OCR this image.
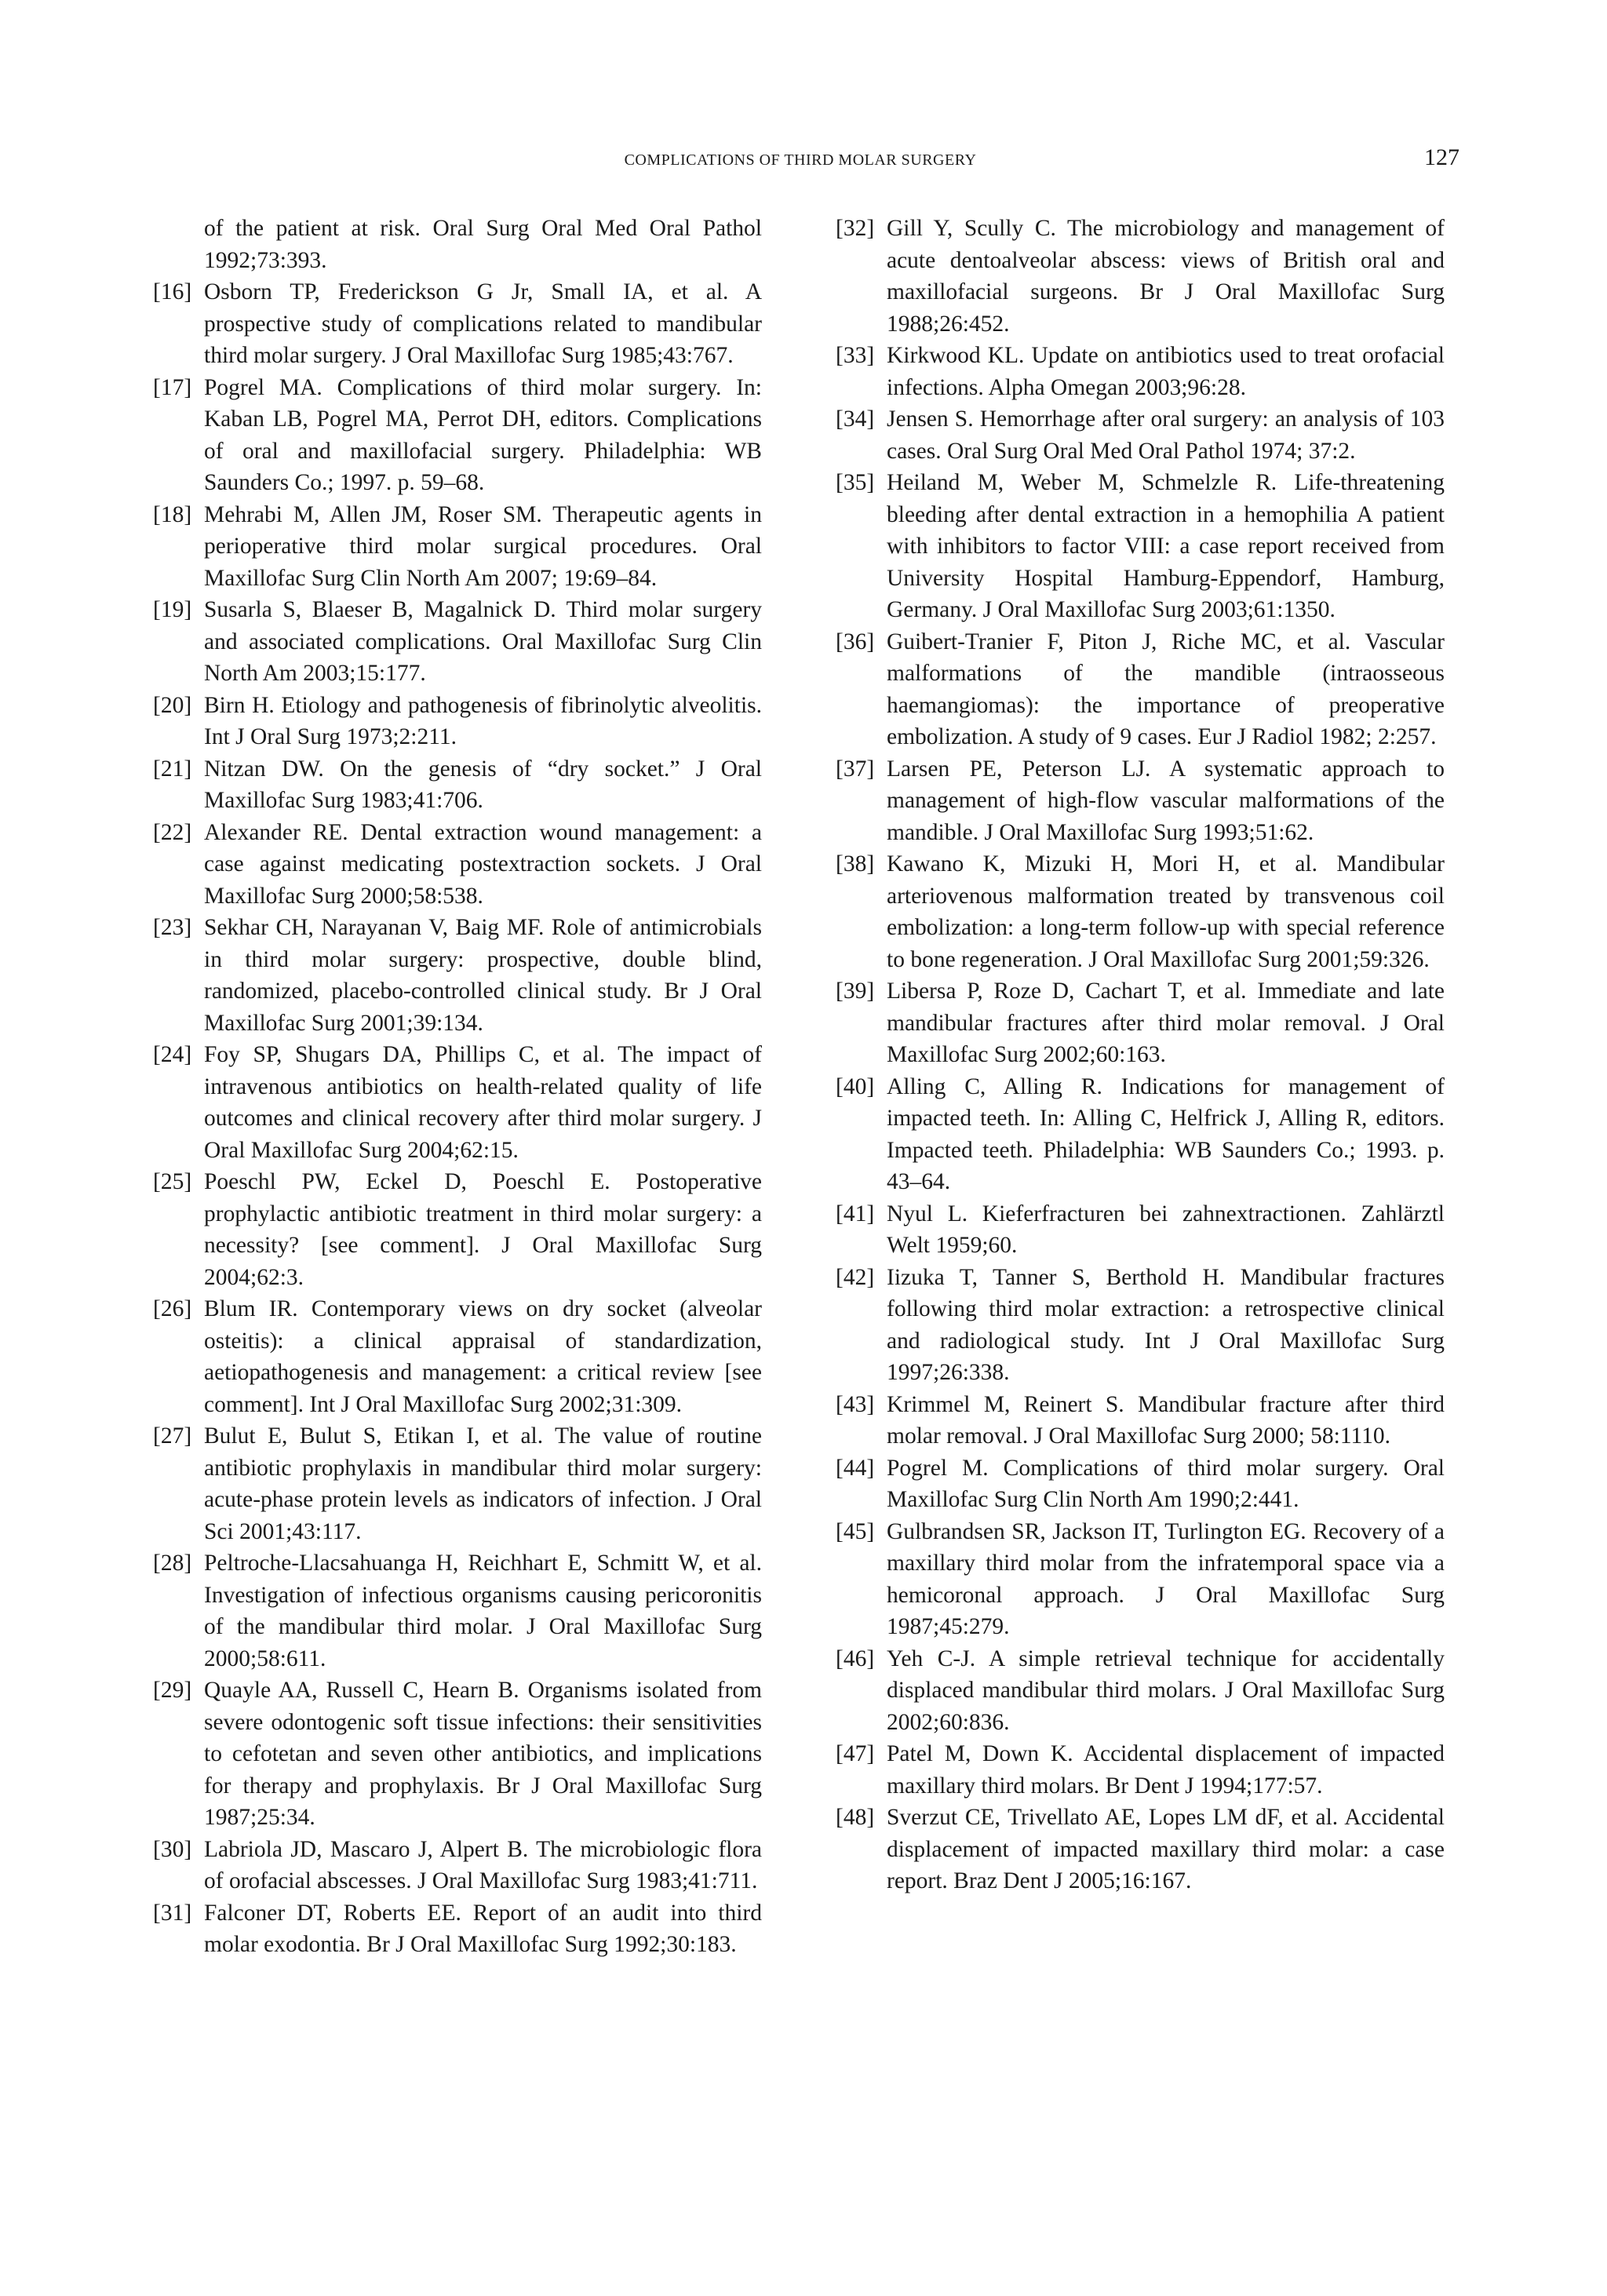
COMPLICATIONS OF THIRD MOLAR SURGERY	127

of the patient at risk. Oral Surg Oral Med Oral Pathol 1992;73:393.

[16] Osborn TP, Frederickson G Jr, Small IA, et al. A prospective study of complications related to mandibular third molar surgery. J Oral Maxillofac Surg 1985;43:767.

[17] Pogrel MA. Complications of third molar surgery. In: Kaban LB, Pogrel MA, Perrot DH, editors. Complications of oral and maxillofacial surgery. Philadelphia: WB Saunders Co.; 1997. p. 59–68.

[18] Mehrabi M, Allen JM, Roser SM. Therapeutic agents in perioperative third molar surgical procedures. Oral Maxillofac Surg Clin North Am 2007; 19:69–84.

[19] Susarla S, Blaeser B, Magalnick D. Third molar surgery and associated complications. Oral Maxillofac Surg Clin North Am 2003;15:177.

[20] Birn H. Etiology and pathogenesis of fibrinolytic alveolitis. Int J Oral Surg 1973;2:211.

[21] Nitzan DW. On the genesis of “dry socket.” J Oral Maxillofac Surg 1983;41:706.

[22] Alexander RE. Dental extraction wound management: a case against medicating postextraction sockets. J Oral Maxillofac Surg 2000;58:538.

[23] Sekhar CH, Narayanan V, Baig MF. Role of antimicrobials in third molar surgery: prospective, double blind, randomized, placebo-controlled clinical study. Br J Oral Maxillofac Surg 2001;39:134.

[24] Foy SP, Shugars DA, Phillips C, et al. The impact of intravenous antibiotics on health-related quality of life outcomes and clinical recovery after third molar surgery. J Oral Maxillofac Surg 2004;62:15.

[25] Poeschl PW, Eckel D, Poeschl E. Postoperative prophylactic antibiotic treatment in third molar surgery: a necessity? [see comment]. J Oral Maxillofac Surg 2004;62:3.

[26] Blum IR. Contemporary views on dry socket (alveolar osteitis): a clinical appraisal of standardization, aetiopathogenesis and management: a critical review [see comment]. Int J Oral Maxillofac Surg 2002;31:309.

[27] Bulut E, Bulut S, Etikan I, et al. The value of routine antibiotic prophylaxis in mandibular third molar surgery: acute-phase protein levels as indicators of infection. J Oral Sci 2001;43:117.

[28] Peltroche-Llacsahuanga H, Reichhart E, Schmitt W, et al. Investigation of infectious organisms causing pericoronitis of the mandibular third molar. J Oral Maxillofac Surg 2000;58:611.

[29] Quayle AA, Russell C, Hearn B. Organisms isolated from severe odontogenic soft tissue infections: their sensitivities to cefotetan and seven other antibiotics, and implications for therapy and prophylaxis. Br J Oral Maxillofac Surg 1987;25:34.

[30] Labriola JD, Mascaro J, Alpert B. The microbiologic flora of orofacial abscesses. J Oral Maxillofac Surg 1983;41:711.

[31] Falconer DT, Roberts EE. Report of an audit into third molar exodontia. Br J Oral Maxillofac Surg 1992;30:183.

[32] Gill Y, Scully C. The microbiology and management of acute dentoalveolar abscess: views of British oral and maxillofacial surgeons. Br J Oral Maxillofac Surg 1988;26:452.

[33] Kirkwood KL. Update on antibiotics used to treat orofacial infections. Alpha Omegan 2003;96:28.

[34] Jensen S. Hemorrhage after oral surgery: an analysis of 103 cases. Oral Surg Oral Med Oral Pathol 1974; 37:2.

[35] Heiland M, Weber M, Schmelzle R. Life-threatening bleeding after dental extraction in a hemophilia A patient with inhibitors to factor VIII: a case report received from University Hospital Hamburg-Eppendorf, Hamburg, Germany. J Oral Maxillofac Surg 2003;61:1350.

[36] Guibert-Tranier F, Piton J, Riche MC, et al. Vascular malformations of the mandible (intraosseous haemangiomas): the importance of preoperative embolization. A study of 9 cases. Eur J Radiol 1982; 2:257.

[37] Larsen PE, Peterson LJ. A systematic approach to management of high-flow vascular malformations of the mandible. J Oral Maxillofac Surg 1993;51:62.

[38] Kawano K, Mizuki H, Mori H, et al. Mandibular arteriovenous malformation treated by transvenous coil embolization: a long-term follow-up with special reference to bone regeneration. J Oral Maxillofac Surg 2001;59:326.

[39] Libersa P, Roze D, Cachart T, et al. Immediate and late mandibular fractures after third molar removal. J Oral Maxillofac Surg 2002;60:163.

[40] Alling C, Alling R. Indications for management of impacted teeth. In: Alling C, Helfrick J, Alling R, editors. Impacted teeth. Philadelphia: WB Saunders Co.; 1993. p. 43–64.

[41] Nyul L. Kieferfracturen bei zahnextractionen. Zahlärztl Welt 1959;60.

[42] Iizuka T, Tanner S, Berthold H. Mandibular fractures following third molar extraction: a retrospective clinical and radiological study. Int J Oral Maxillofac Surg 1997;26:338.

[43] Krimmel M, Reinert S. Mandibular fracture after third molar removal. J Oral Maxillofac Surg 2000; 58:1110.

[44] Pogrel M. Complications of third molar surgery. Oral Maxillofac Surg Clin North Am 1990;2:441.

[45] Gulbrandsen SR, Jackson IT, Turlington EG. Recovery of a maxillary third molar from the infratemporal space via a hemicoronal approach. J Oral Maxillofac Surg 1987;45:279.

[46] Yeh C-J. A simple retrieval technique for accidentally displaced mandibular third molars. J Oral Maxillofac Surg 2002;60:836.

[47] Patel M, Down K. Accidental displacement of impacted maxillary third molars. Br Dent J 1994;177:57.

[48] Sverzut CE, Trivellato AE, Lopes LM dF, et al. Accidental displacement of impacted maxillary third molar: a case report. Braz Dent J 2005;16:167.
